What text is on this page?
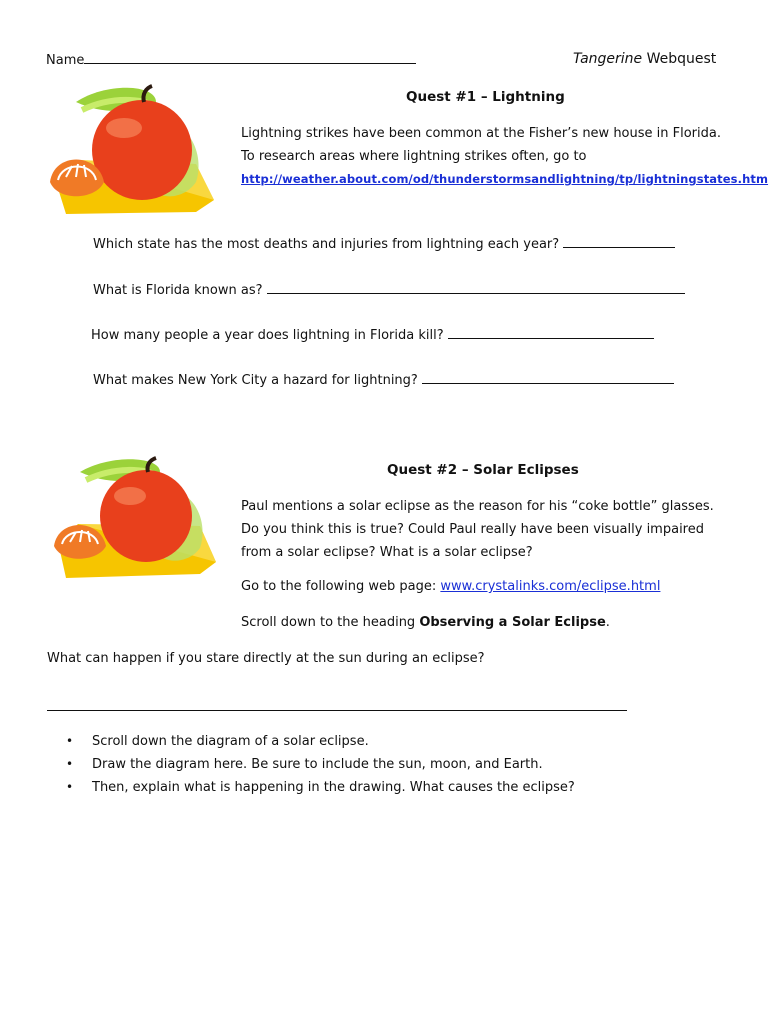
Name	Tangerine Webquest
Quest #1 – Lightning
Lightning strikes have been common at the Fisher’s new house in Florida.
To research areas where lightning strikes often, go to
http://weather.about.com/od/thunderstormsandlightning/tp/lightningstates.htm
Which state has the most deaths and injuries from lightning each year?
What is Florida known as?
How many people a year does lightning in Florida kill?
What makes New York City a hazard for lightning?
Quest #2 – Solar Eclipses
Paul mentions a solar eclipse as the reason for his “coke bottle” glasses.
Do you think this is true? Could Paul really have been visually impaired
from a solar eclipse? What is a solar eclipse?
Go to the following web page: www.crystalinks.com/eclipse.html
Scroll down to the heading Observing a Solar Eclipse.
What can happen if you stare directly at the sun during an eclipse?
• Scroll down the diagram of a solar eclipse.
• Draw the diagram here. Be sure to include the sun, moon, and Earth.
• Then, explain what is happening in the drawing. What causes the eclipse?
